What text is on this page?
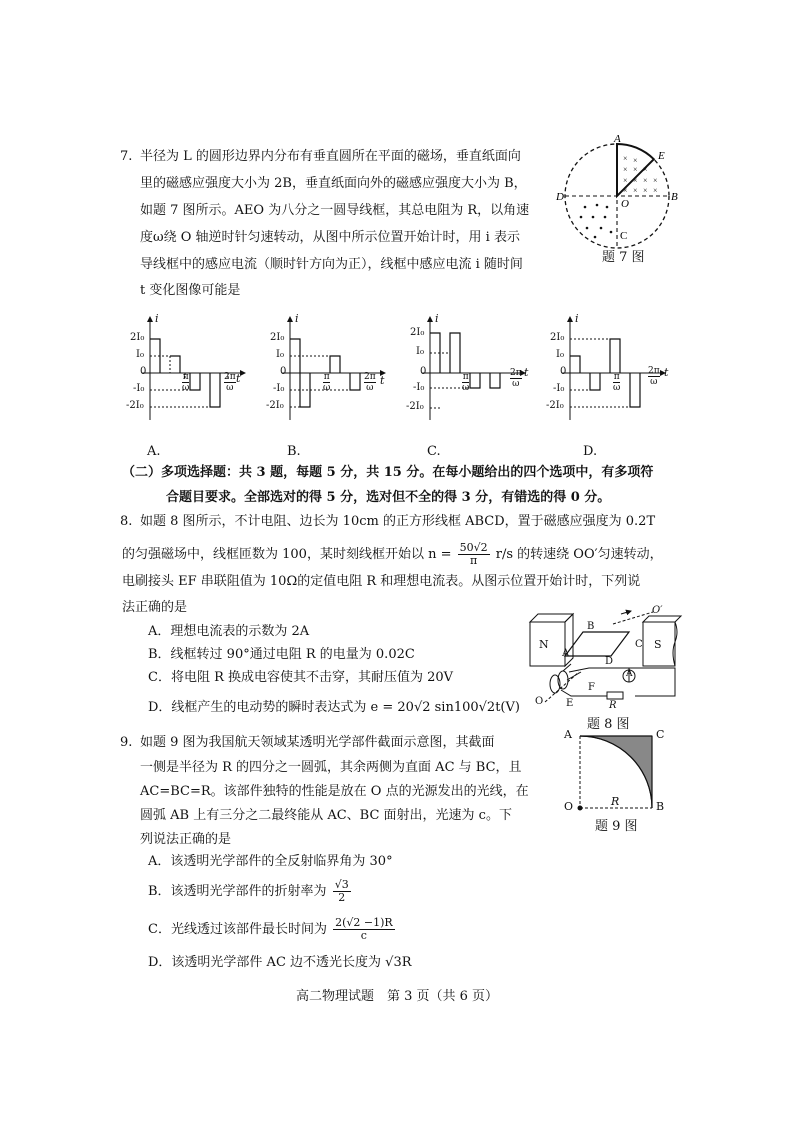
7. 半径为 L 的圆形边界内分布有垂直圆所在平面的磁场，垂直纸面向
里的磁感应强度大小为 2B，垂直纸面向外的磁感应强度大小为 B，
如题 7 图所示。AEO 为八分之一圆导线框，其总电阻为 R，以角速
度ω绕 O 轴逆时针匀速转动，从图中所示位置开始计时，用 i 表示
导线框中的感应电流（顺时针方向为正），线框中感应电流 i 随时间
t 变化图像可能是
× ×
× × ×
× × × ×
× × × ×
A
E
D	B
O
C
题 7 图
i
2I₀
I₀
0
-I₀
-2I₀
π
ω
2π
ω
t
i
2I₀
I₀
0
-I₀
-2I₀
π
ω
2π
ω
t
i
2I₀
I₀
0
-I₀
-2I₀
π
ω
2π
ω
t
i
2I₀
I₀
0
-I₀
-2I₀
π
ω
2π
ω
t
A.	B.	C.	D.
（二）多项选择题：共 3 题，每题 5 分，共 15 分。在每小题给出的四个选项中，有多项符
合题目要求。全部选对的得 5 分，选对但不全的得 3 分，有错选的得 0 分。
8. 如题 8 图所示，不计电阻、边长为 10cm 的正方形线框 ABCD，置于磁感应强度为 0.2T
的匀强磁场中，线框匝数为 100，某时刻线框开始以 $n = \frac{50√2}{\pi} r/s$ 的转速绕 OO′匀速转动，
电刷接头 EF 串联阻值为 10Ω的定值电阻 R 和理想电流表。从图示位置开始计时，下列说
法正确的是
A．理想电流表的示数为 2A
B．线框转过 90°通过电阻 R 的电量为 0.02C
C．将电阻 R 换成电容使其不击穿，其耐压值为 20V
D．线框产生的电动势的瞬时表达式为 e = 20√2 sin100√2t(V)
N	S
B
C
A
D
F
E
O
O′
R
A
题 8 图
9. 如题 9 图为我国航天领域某透明光学部件截面示意图，其截面
一侧是半径为 R 的四分之一圆弧，其余两侧为直面 AC 与 BC，且
AC=BC=R。该部件独特的性能是放在 O 点的光源发出的光线，在
圆弧 AB 上有三分之二最终能从 AC、BC 面射出，光速为 c。下
列说法正确的是
A．该透明光学部件的全反射临界角为 30°
B．该透明光学部件的折射率为 $\frac{√3}{2}$
C．光线透过该部件最长时间为 $\frac{2(√2 -1)R}{c}$
D．该透明光学部件 AC 边不透光长度为 √3R
A	C
O	B
R
题 9 图
高二物理试题　第 3 页（共 6 页）
